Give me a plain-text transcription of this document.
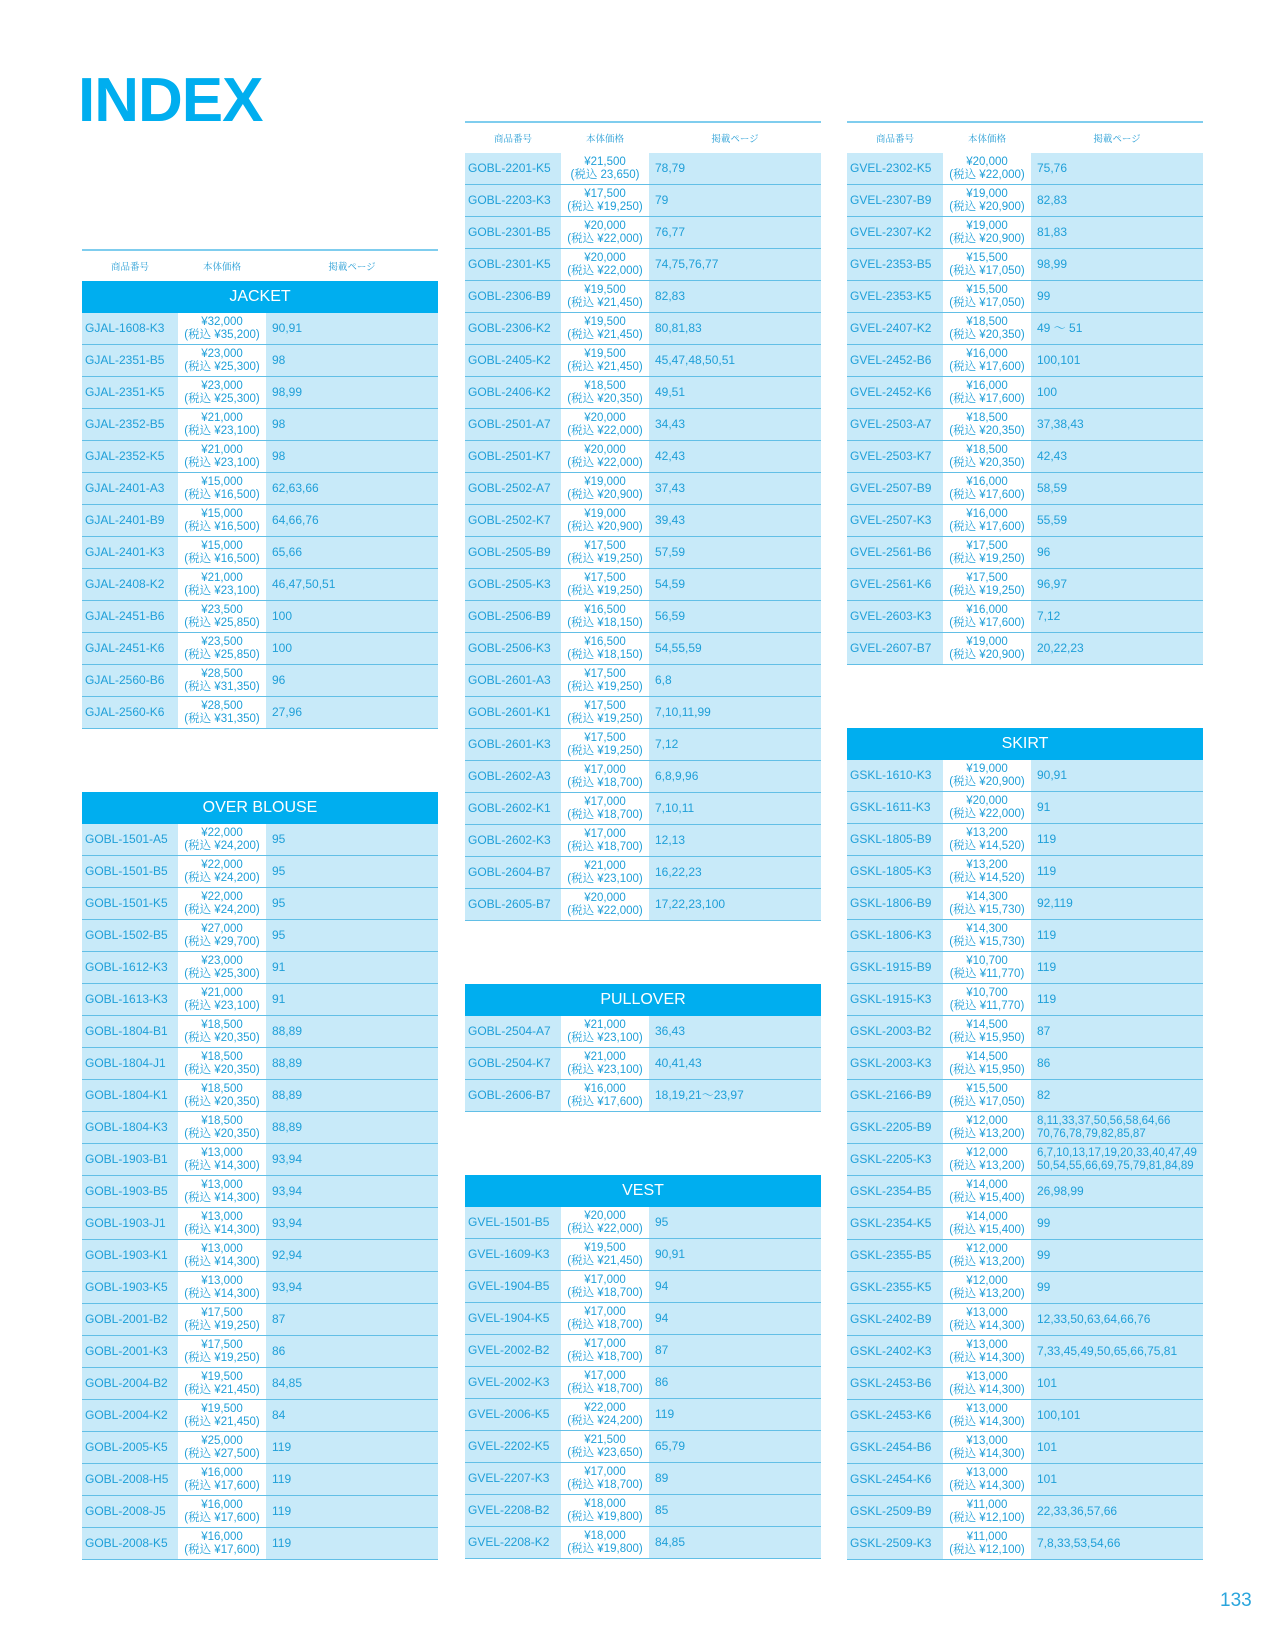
INDEX
商品番号	本体価格	掲載ページ
JACKET
GJAL-1608-K3	¥32,000
(税込 ¥35,200)	90,91
GJAL-2351-B5	¥23,000
(税込 ¥25,300)	98
GJAL-2351-K5	¥23,000
(税込 ¥25,300)	98,99
GJAL-2352-B5	¥21,000
(税込 ¥23,100)	98
GJAL-2352-K5	¥21,000
(税込 ¥23,100)	98
GJAL-2401-A3	¥15,000
(税込 ¥16,500)	62,63,66
GJAL-2401-B9	¥15,000
(税込 ¥16,500)	64,66,76
GJAL-2401-K3	¥15,000
(税込 ¥16,500)	65,66
GJAL-2408-K2	¥21,000
(税込 ¥23,100)	46,47,50,51
GJAL-2451-B6	¥23,500
(税込 ¥25,850)	100
GJAL-2451-K6	¥23,500
(税込 ¥25,850)	100
GJAL-2560-B6	¥28,500
(税込 ¥31,350)	96
GJAL-2560-K6	¥28,500
(税込 ¥31,350)	27,96
OVER BLOUSE
GOBL-1501-A5	¥22,000
(税込 ¥24,200)	95
GOBL-1501-B5	¥22,000
(税込 ¥24,200)	95
GOBL-1501-K5	¥22,000
(税込 ¥24,200)	95
GOBL-1502-B5	¥27,000
(税込 ¥29,700)	95
GOBL-1612-K3	¥23,000
(税込 ¥25,300)	91
GOBL-1613-K3	¥21,000
(税込 ¥23,100)	91
GOBL-1804-B1	¥18,500
(税込 ¥20,350)	88,89
GOBL-1804-J1	¥18,500
(税込 ¥20,350)	88,89
GOBL-1804-K1	¥18,500
(税込 ¥20,350)	88,89
GOBL-1804-K3	¥18,500
(税込 ¥20,350)	88,89
GOBL-1903-B1	¥13,000
(税込 ¥14,300)	93,94
GOBL-1903-B5	¥13,000
(税込 ¥14,300)	93,94
GOBL-1903-J1	¥13,000
(税込 ¥14,300)	93,94
GOBL-1903-K1	¥13,000
(税込 ¥14,300)	92,94
GOBL-1903-K5	¥13,000
(税込 ¥14,300)	93,94
GOBL-2001-B2	¥17,500
(税込 ¥19,250)	87
GOBL-2001-K3	¥17,500
(税込 ¥19,250)	86
GOBL-2004-B2	¥19,500
(税込 ¥21,450)	84,85
GOBL-2004-K2	¥19,500
(税込 ¥21,450)	84
GOBL-2005-K5	¥25,000
(税込 ¥27,500)	119
GOBL-2008-H5	¥16,000
(税込 ¥17,600)	119
GOBL-2008-J5	¥16,000
(税込 ¥17,600)	119
GOBL-2008-K5	¥16,000
(税込 ¥17,600)	119
商品番号	本体価格	掲載ページ
GOBL-2201-K5	¥21,500
(税込 23,650)	78,79
GOBL-2203-K3	¥17,500
(税込 ¥19,250)	79
GOBL-2301-B5	¥20,000
(税込 ¥22,000)	76,77
GOBL-2301-K5	¥20,000
(税込 ¥22,000)	74,75,76,77
GOBL-2306-B9	¥19,500
(税込 ¥21,450)	82,83
GOBL-2306-K2	¥19,500
(税込 ¥21,450)	80,81,83
GOBL-2405-K2	¥19,500
(税込 ¥21,450)	45,47,48,50,51
GOBL-2406-K2	¥18,500
(税込 ¥20,350)	49,51
GOBL-2501-A7	¥20,000
(税込 ¥22,000)	34,43
GOBL-2501-K7	¥20,000
(税込 ¥22,000)	42,43
GOBL-2502-A7	¥19,000
(税込 ¥20,900)	37,43
GOBL-2502-K7	¥19,000
(税込 ¥20,900)	39,43
GOBL-2505-B9	¥17,500
(税込 ¥19,250)	57,59
GOBL-2505-K3	¥17,500
(税込 ¥19,250)	54,59
GOBL-2506-B9	¥16,500
(税込 ¥18,150)	56,59
GOBL-2506-K3	¥16,500
(税込 ¥18,150)	54,55,59
GOBL-2601-A3	¥17,500
(税込 ¥19,250)	6,8
GOBL-2601-K1	¥17,500
(税込 ¥19,250)	7,10,11,99
GOBL-2601-K3	¥17,500
(税込 ¥19,250)	7,12
GOBL-2602-A3	¥17,000
(税込 ¥18,700)	6,8,9,96
GOBL-2602-K1	¥17,000
(税込 ¥18,700)	7,10,11
GOBL-2602-K3	¥17,000
(税込 ¥18,700)	12,13
GOBL-2604-B7	¥21,000
(税込 ¥23,100)	16,22,23
GOBL-2605-B7	¥20,000
(税込 ¥22,000)	17,22,23,100
PULLOVER
GOBL-2504-A7	¥21,000
(税込 ¥23,100)	36,43
GOBL-2504-K7	¥21,000
(税込 ¥23,100)	40,41,43
GOBL-2606-B7	¥16,000
(税込 ¥17,600)	18,19,21～23,97
VEST
GVEL-1501-B5	¥20,000
(税込 ¥22,000)	95
GVEL-1609-K3	¥19,500
(税込 ¥21,450)	90,91
GVEL-1904-B5	¥17,000
(税込 ¥18,700)	94
GVEL-1904-K5	¥17,000
(税込 ¥18,700)	94
GVEL-2002-B2	¥17,000
(税込 ¥18,700)	87
GVEL-2002-K3	¥17,000
(税込 ¥18,700)	86
GVEL-2006-K5	¥22,000
(税込 ¥24,200)	119
GVEL-2202-K5	¥21,500
(税込 ¥23,650)	65,79
GVEL-2207-K3	¥17,000
(税込 ¥18,700)	89
GVEL-2208-B2	¥18,000
(税込 ¥19,800)	85
GVEL-2208-K2	¥18,000
(税込 ¥19,800)	84,85
商品番号	本体価格	掲載ページ
GVEL-2302-K5	¥20,000
(税込 ¥22,000)	75,76
GVEL-2307-B9	¥19,000
(税込 ¥20,900)	82,83
GVEL-2307-K2	¥19,000
(税込 ¥20,900)	81,83
GVEL-2353-B5	¥15,500
(税込 ¥17,050)	98,99
GVEL-2353-K5	¥15,500
(税込 ¥17,050)	99
GVEL-2407-K2	¥18,500
(税込 ¥20,350)	49 ～ 51
GVEL-2452-B6	¥16,000
(税込 ¥17,600)	100,101
GVEL-2452-K6	¥16,000
(税込 ¥17,600)	100
GVEL-2503-A7	¥18,500
(税込 ¥20,350)	37,38,43
GVEL-2503-K7	¥18,500
(税込 ¥20,350)	42,43
GVEL-2507-B9	¥16,000
(税込 ¥17,600)	58,59
GVEL-2507-K3	¥16,000
(税込 ¥17,600)	55,59
GVEL-2561-B6	¥17,500
(税込 ¥19,250)	96
GVEL-2561-K6	¥17,500
(税込 ¥19,250)	96,97
GVEL-2603-K3	¥16,000
(税込 ¥17,600)	7,12
GVEL-2607-B7	¥19,000
(税込 ¥20,900)	20,22,23
SKIRT
GSKL-1610-K3	¥19,000
(税込 ¥20,900)	90,91
GSKL-1611-K3	¥20,000
(税込 ¥22,000)	91
GSKL-1805-B9	¥13,200
(税込 ¥14,520)	119
GSKL-1805-K3	¥13,200
(税込 ¥14,520)	119
GSKL-1806-B9	¥14,300
(税込 ¥15,730)	92,119
GSKL-1806-K3	¥14,300
(税込 ¥15,730)	119
GSKL-1915-B9	¥10,700
(税込 ¥11,770)	119
GSKL-1915-K3	¥10,700
(税込 ¥11,770)	119
GSKL-2003-B2	¥14,500
(税込 ¥15,950)	87
GSKL-2003-K3	¥14,500
(税込 ¥15,950)	86
GSKL-2166-B9	¥15,500
(税込 ¥17,050)	82
GSKL-2205-B9	¥12,000
(税込 ¥13,200)
8,11,33,37,50,56,58,64,66
70,76,78,79,82,85,87
GSKL-2205-K3	¥12,000
(税込 ¥13,200)
6,7,10,13,17,19,20,33,40,47,49
50,54,55,66,69,75,79,81,84,89
GSKL-2354-B5	¥14,000
(税込 ¥15,400)	26,98,99
GSKL-2354-K5	¥14,000
(税込 ¥15,400)	99
GSKL-2355-B5	¥12,000
(税込 ¥13,200)	99
GSKL-2355-K5	¥12,000
(税込 ¥13,200)	99
GSKL-2402-B9	¥13,000
(税込 ¥14,300)	12,33,50,63,64,66,76
GSKL-2402-K3	¥13,000
(税込 ¥14,300)	7,33,45,49,50,65,66,75,81
GSKL-2453-B6	¥13,000
(税込 ¥14,300)	101
GSKL-2453-K6	¥13,000
(税込 ¥14,300)	100,101
GSKL-2454-B6	¥13,000
(税込 ¥14,300)	101
GSKL-2454-K6	¥13,000
(税込 ¥14,300)	101
GSKL-2509-B9	¥11,000
(税込 ¥12,100)	22,33,36,57,66
GSKL-2509-K3	¥11,000
(税込 ¥12,100)	7,8,33,53,54,66
133
